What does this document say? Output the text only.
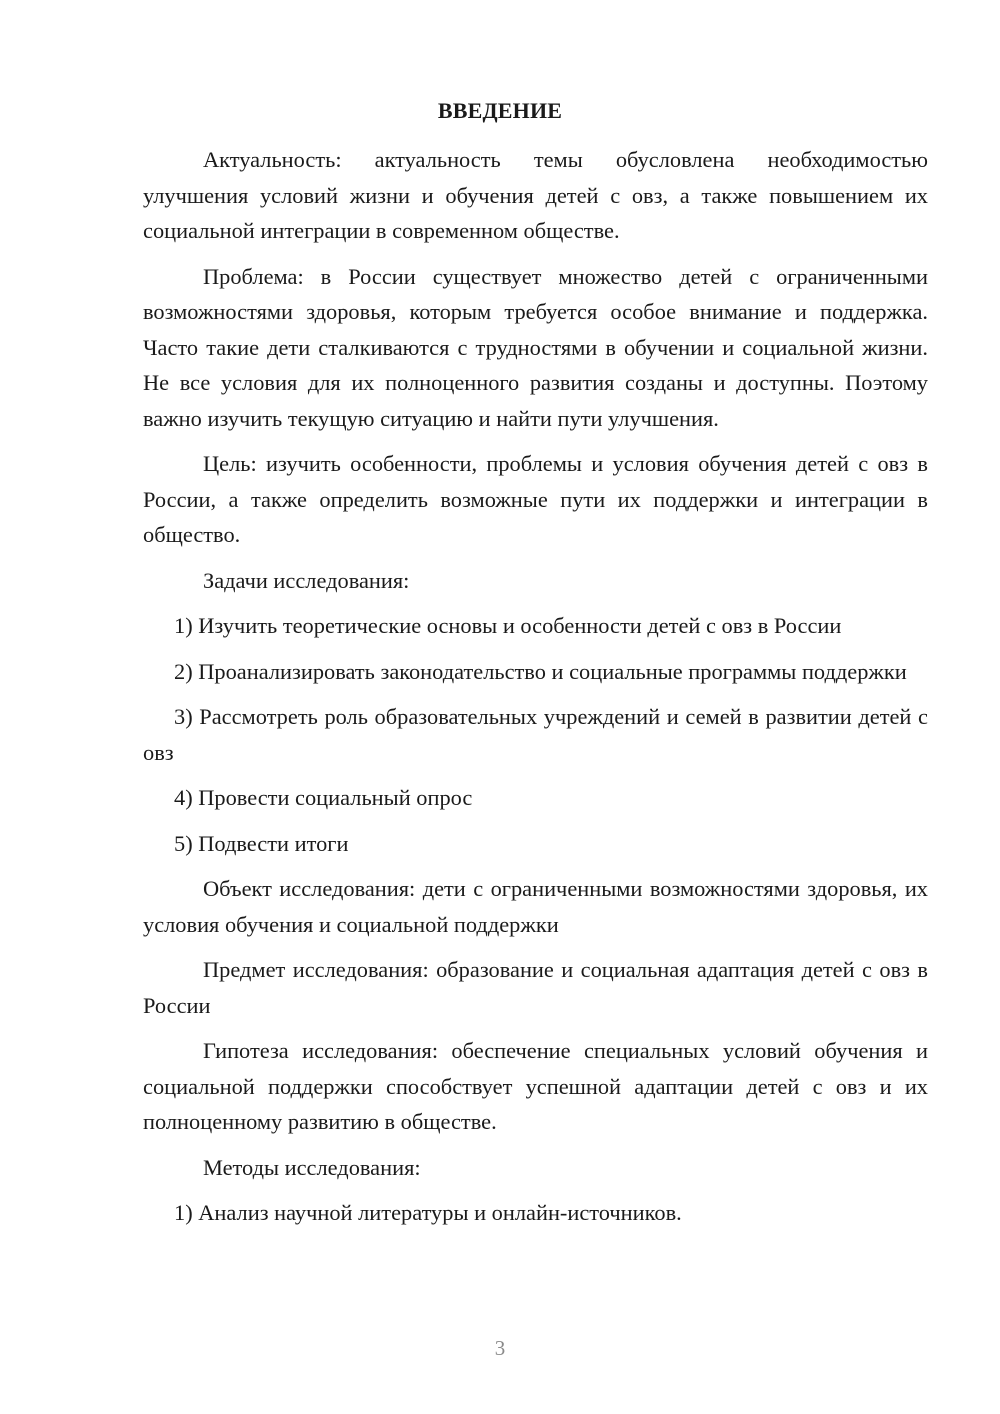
ВВЕДЕНИЕ

Актуальность: актуальность темы обусловлена необходимостью улучшения условий жизни и обучения детей с овз, а также повышением их социальной интеграции в современном обществе.

Проблема: в России существует множество детей с ограниченными возможностями здоровья, которым требуется особое внимание и поддержка. Часто такие дети сталкиваются с трудностями в обучении и социальной жизни. Не все условия для их полноценного развития созданы и доступны. Поэтому важно изучить текущую ситуацию и найти пути улучшения.

Цель: изучить особенности, проблемы и условия обучения детей с овз в России, а также определить возможные пути их поддержки и интеграции в общество.

Задачи исследования:

1) Изучить теоретические основы и особенности детей с овз в России

2) Проанализировать законодательство и социальные программы поддержки

3) Рассмотреть роль образовательных учреждений и семей в развитии детей с овз

4) Провести социальный опрос

5) Подвести итоги

Объект исследования: дети с ограниченными возможностями здоровья, их условия обучения и социальной поддержки

Предмет исследования: образование и социальная адаптация детей с овз в России

Гипотеза исследования: обеспечение специальных условий обучения и социальной поддержки способствует успешной адаптации детей с овз и их полноценному развитию в обществе.

Методы исследования:

1) Анализ научной литературы и онлайн-источников.

3
